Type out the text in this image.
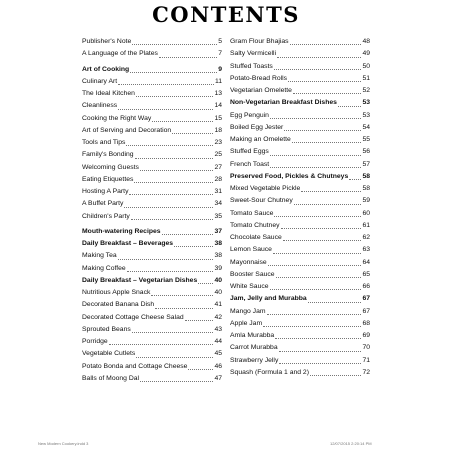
CONTENTS
Publisher's Note	5
A Language of the Plates	7
Art of Cooking	9
Culinary Art	11
The Ideal Kitchen	13
Cleanliness	14
Cooking the Right Way	15
Art of Serving and Decoration	18
Tools and Tips	23
Family's Bonding	25
Welcoming Guests	27
Eating Etiquettes	28
Hosting A Party	31
A Buffet Party	34
Children's Party	35
Mouth-watering Recipes	37
Daily Breakfast – Beverages	38
Making Tea	38
Making Coffee	39
Daily Breakfast – Vegetarian Dishes	40
Nutritious Apple Snack	40
Decorated Banana Dish	41
Decorated Cottage Cheese Salad	42
Sprouted Beans	43
Porridge	44
Vegetable Cutlets	45
Potato Bonda and Cottage Cheese	46
Balls of Moong Dal	47
Gram Flour Bhajias	48
Salty Vermicelli	49
Stuffed Toasts	50
Potato-Bread Rolls	51
Vegetarian Omelette	52
Non-Vegetarian Breakfast Dishes	53
Egg Penguin	53
Boiled Egg Jester	54
Making an Omelette	55
Stuffed Eggs	56
French Toast	57
Preserved Food, Pickles & Chutneys 58
Mixed Vegetable Pickle	58
Sweet-Sour Chutney	59
Tomato Sauce	60
Tomato Chutney	61
Chocolate Sauce	62
Lemon Sauce	63
Mayonnaise	64
Booster Sauce	65
White Sauce	66
Jam, Jelly and Murabba	67
Mango Jam	67
Apple Jam	68
Amla Murabba	69
Carrot Murabba	70
Strawberry Jelly	71
Squash (Formula 1 and 2)	72
New Modern Cookery.indd 3	12/07/2015 2:20:14 PM
